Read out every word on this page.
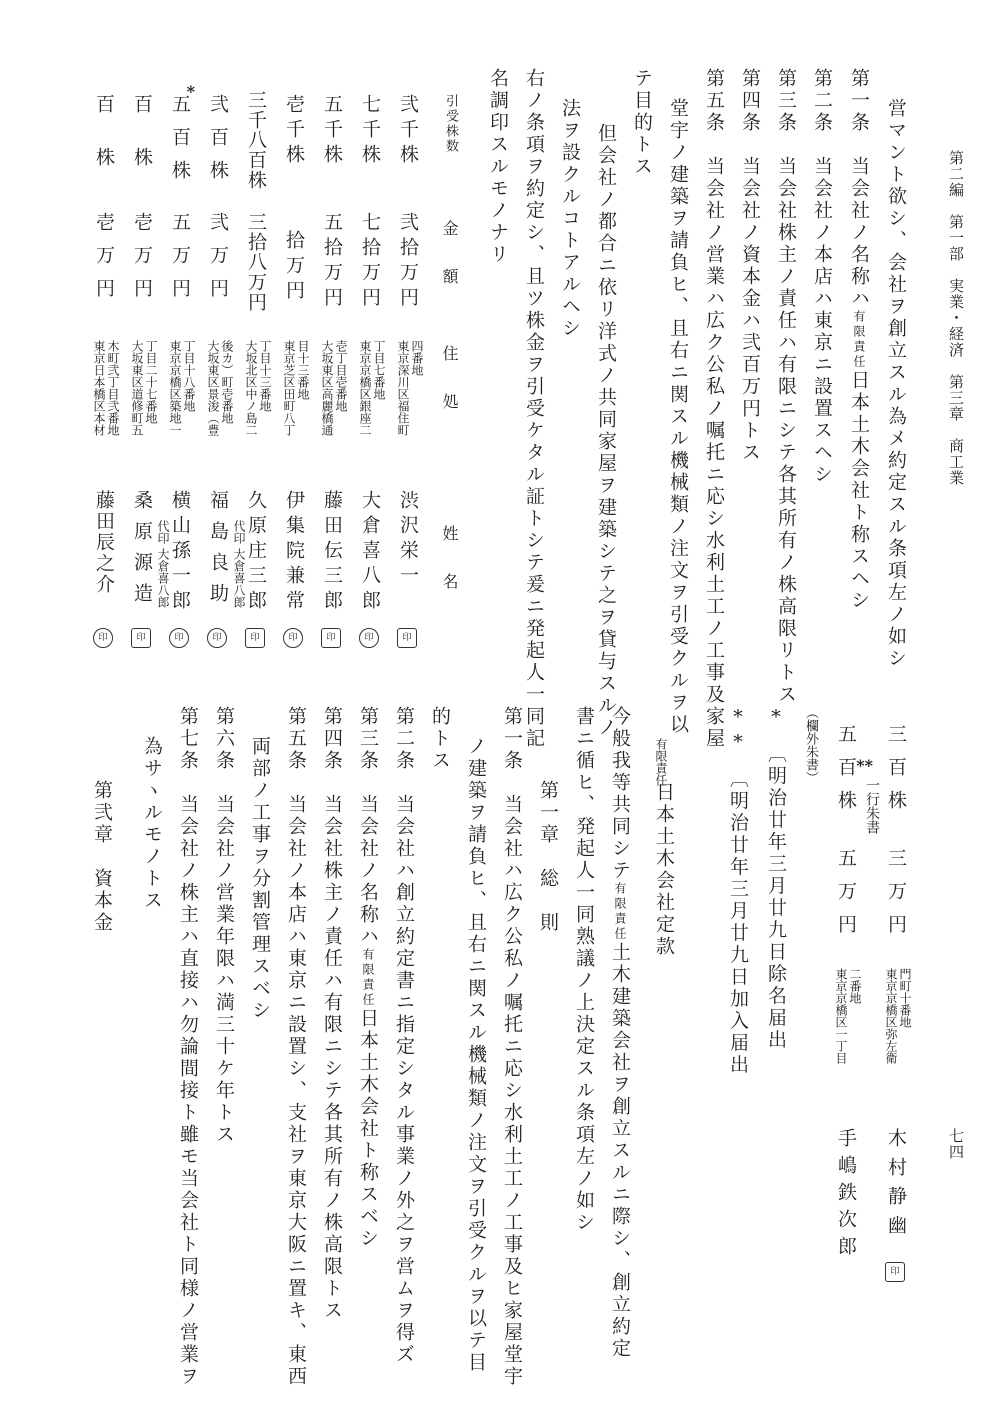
第二編　第一部　実業・経済　第三章　商工業
七四
営マント欲シ、会社ヲ創立スル為メ約定スル条項左ノ如シ
第一条　当会社ノ名称ハ有限責任日本土木会社ト称スヘシ
第二条　当会社ノ本店ハ東京ニ設置スヘシ
第三条　当会社株主ノ責任ハ有限ニシテ各其所有ノ株高限リトス
第四条　当会社ノ資本金ハ弐百万円トス
第五条　当会社ノ営業ハ広ク公私ノ嘱托ニ応シ水利土工ノ工事及家屋
堂宇ノ建築ヲ請負ヒ、且右ニ関スル機械類ノ注文ヲ引受クルヲ以
テ目的トス
但会社ノ都合ニ依リ洋式ノ共同家屋ヲ建築シテ之ヲ貸与スルノ
法ヲ設クルコトアルヘシ
右ノ条項ヲ約定シ、且ツ株金ヲ引受ケタル証トシテ爰ニ発起人一同記
名調印スルモノナリ
引受株数
金　額
住　処
姓　名
弐千株
弐拾万円
東京深川区福住町 四番地
渋沢栄一
印
七千株
七拾万円
東京京橋区銀座二 丁目七番地
大倉喜八郎
印
五千株
五拾万円
大坂東区高麗橋通 壱丁目壱番地
藤田伝三郎
印
壱千株
拾万円
東京芝区田町八丁 目十三番地
伊集院兼常
印
三千八百株
三拾八万円
大坂北区中ノ島二 丁目十三番地
久原庄三郎
印
弐百株
弐万円
大坂東区景浚（豊 後カ）町壱番地
福島良助 代印
大倉喜八郎
印
*
五百株
五万円
東京京橋区築地一 丁目十八番地
横山孫一郎
印
百株
壱万円
大坂東区道修町五 丁目二十七番地
桑原源造 代印
大倉喜八郎
印
百株
壱万円
東京日本橋区本材 木町弐丁目弐番地
藤田辰之介
印
三百株
三万円
東京京橋区弥左衛 門町十番地
木村静幽
印
**
一行朱書
五百株
五万円
東京京橋区一丁目 二番地
手嶋鉄次郎
（欄外朱書）
*　〔明治廿年三月廿九日除名届出
**　〔明治廿年三月廿九日加入届出
有限責任
日本土木会社定款
今般我等共同シテ有限責任土木建築会社ヲ創立スルニ際シ、創立約定
書ニ循ヒ、発起人一同熟議ノ上決定スル条項左ノ如シ
第一章　総　則
第一条　当会社ハ広ク公私ノ嘱托ニ応シ水利土工ノ工事及ヒ家屋堂宇
ノ建築ヲ請負ヒ、且右ニ関スル機械類ノ注文ヲ引受クルヲ以テ目
的トス
第二条　当会社ハ創立約定書ニ指定シタル事業ノ外之ヲ営ムヲ得ズ
第三条　当会社ノ名称ハ有限責任日本土木会社ト称スベシ
第四条　当会社株主ノ責任ハ有限ニシテ各其所有ノ株高限トス
第五条　当会社ノ本店ハ東京ニ設置シ、支社ヲ東京大阪ニ置キ、東西
両部ノ工事ヲ分割管理スベシ
第六条　当会社ノ営業年限ハ満三十ケ年トス
第七条　当会社ノ株主ハ直接ハ勿論間接ト雖モ当会社ト同様ノ営業ヲ
為サヽルモノトス
第弐章　資本金
